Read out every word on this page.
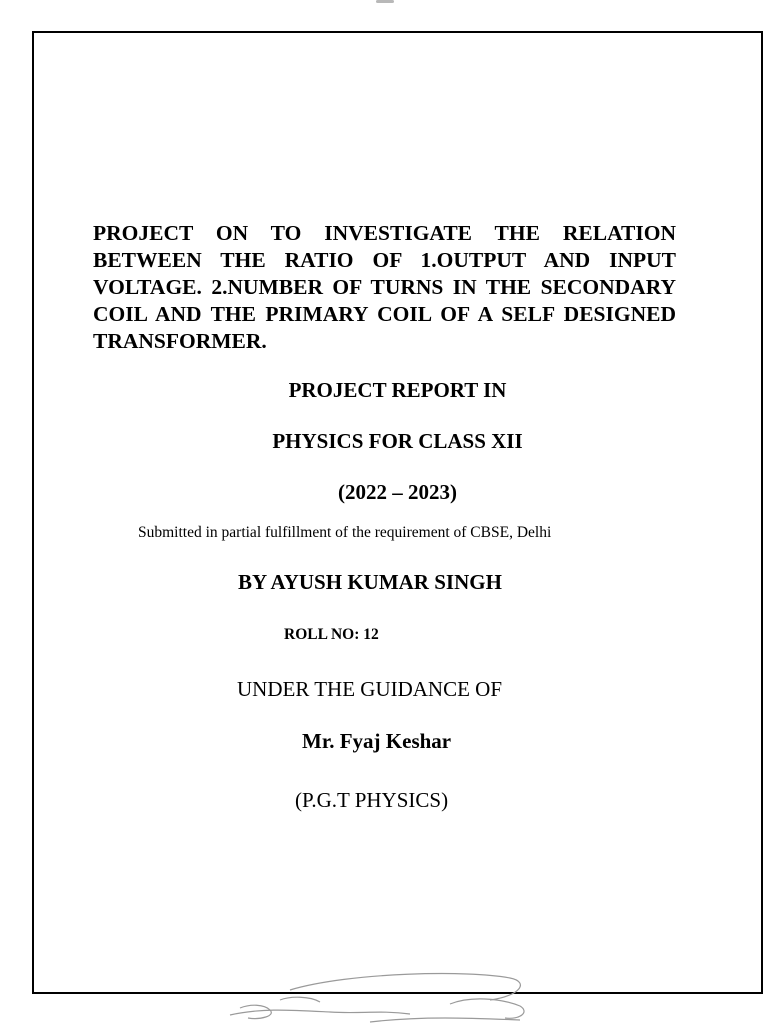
PROJECT ON TO INVESTIGATE THE RELATION BETWEEN THE RATIO OF 1.OUTPUT AND INPUT VOLTAGE. 2.NUMBER OF TURNS IN THE SECONDARY COIL AND THE PRIMARY COIL OF A SELF DESIGNED TRANSFORMER.

PROJECT REPORT IN

PHYSICS FOR CLASS XII

(2022 – 2023)

Submitted in partial fulfillment of the requirement of CBSE, Delhi

BY AYUSH KUMAR SINGH

ROLL NO: 12

UNDER THE GUIDANCE OF

Mr. Fyaj Keshar

(P.G.T PHYSICS)
